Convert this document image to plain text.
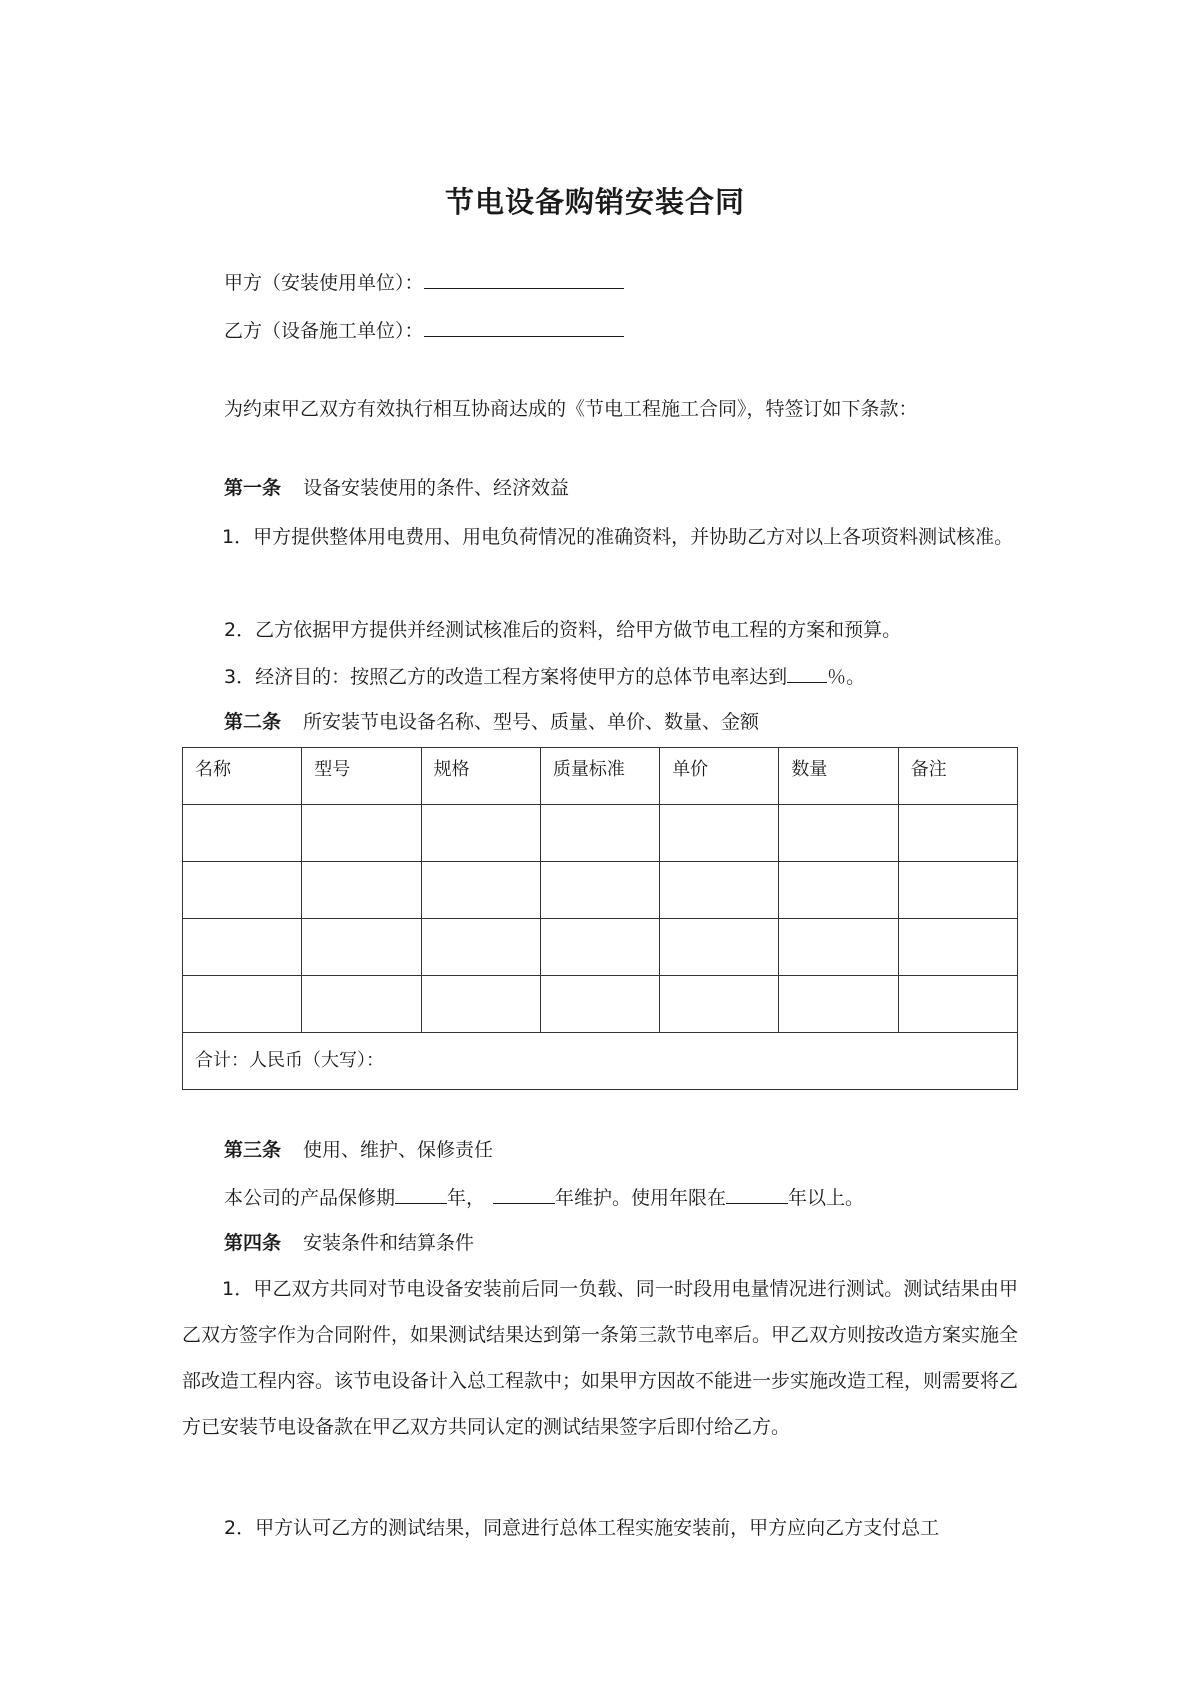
节电设备购销安装合同
甲方（安装使用单位）：
乙方（设备施工单位）：
为约束甲乙双方有效执行相互协商达成的《节电工程施工合同》，特签订如下条款：
第一条 设备安装使用的条件、经济效益
1．甲方提供整体用电费用、用电负荷情况的准确资料，并协助乙方对以上各项资料测试核准。
2．乙方依据甲方提供并经测试核准后的资料，给甲方做节电工程的方案和预算。
3．经济目的：按照乙方的改造工程方案将使甲方的总体节电率达到 ％。
第二条 所安装节电设备名称、型号、质量、单价、数量、金额
名称	型号	规格	质量标准	单价	数量	备注

合计：人民币（大写）：						
第三条 使用、维护、保修责任
本公司的产品保修期	年，	年维护。使用年限在	年以上。
第四条 安装条件和结算条件
1．甲乙双方共同对节电设备安装前后同一负载、同一时段用电量情况进行测试。测试结果由甲乙双方签字作为合同附件，如果测试结果达到第一条第三款节电率后。甲乙双方则按改造方案实施全部改造工程内容。该节电设备计入总工程款中；如果甲方因故不能进一步实施改造工程，则需要将乙方已安装节电设备款在甲乙双方共同认定的测试结果签字后即付给乙方。
2．甲方认可乙方的测试结果，同意进行总体工程实施安装前，甲方应向乙方支付总工
